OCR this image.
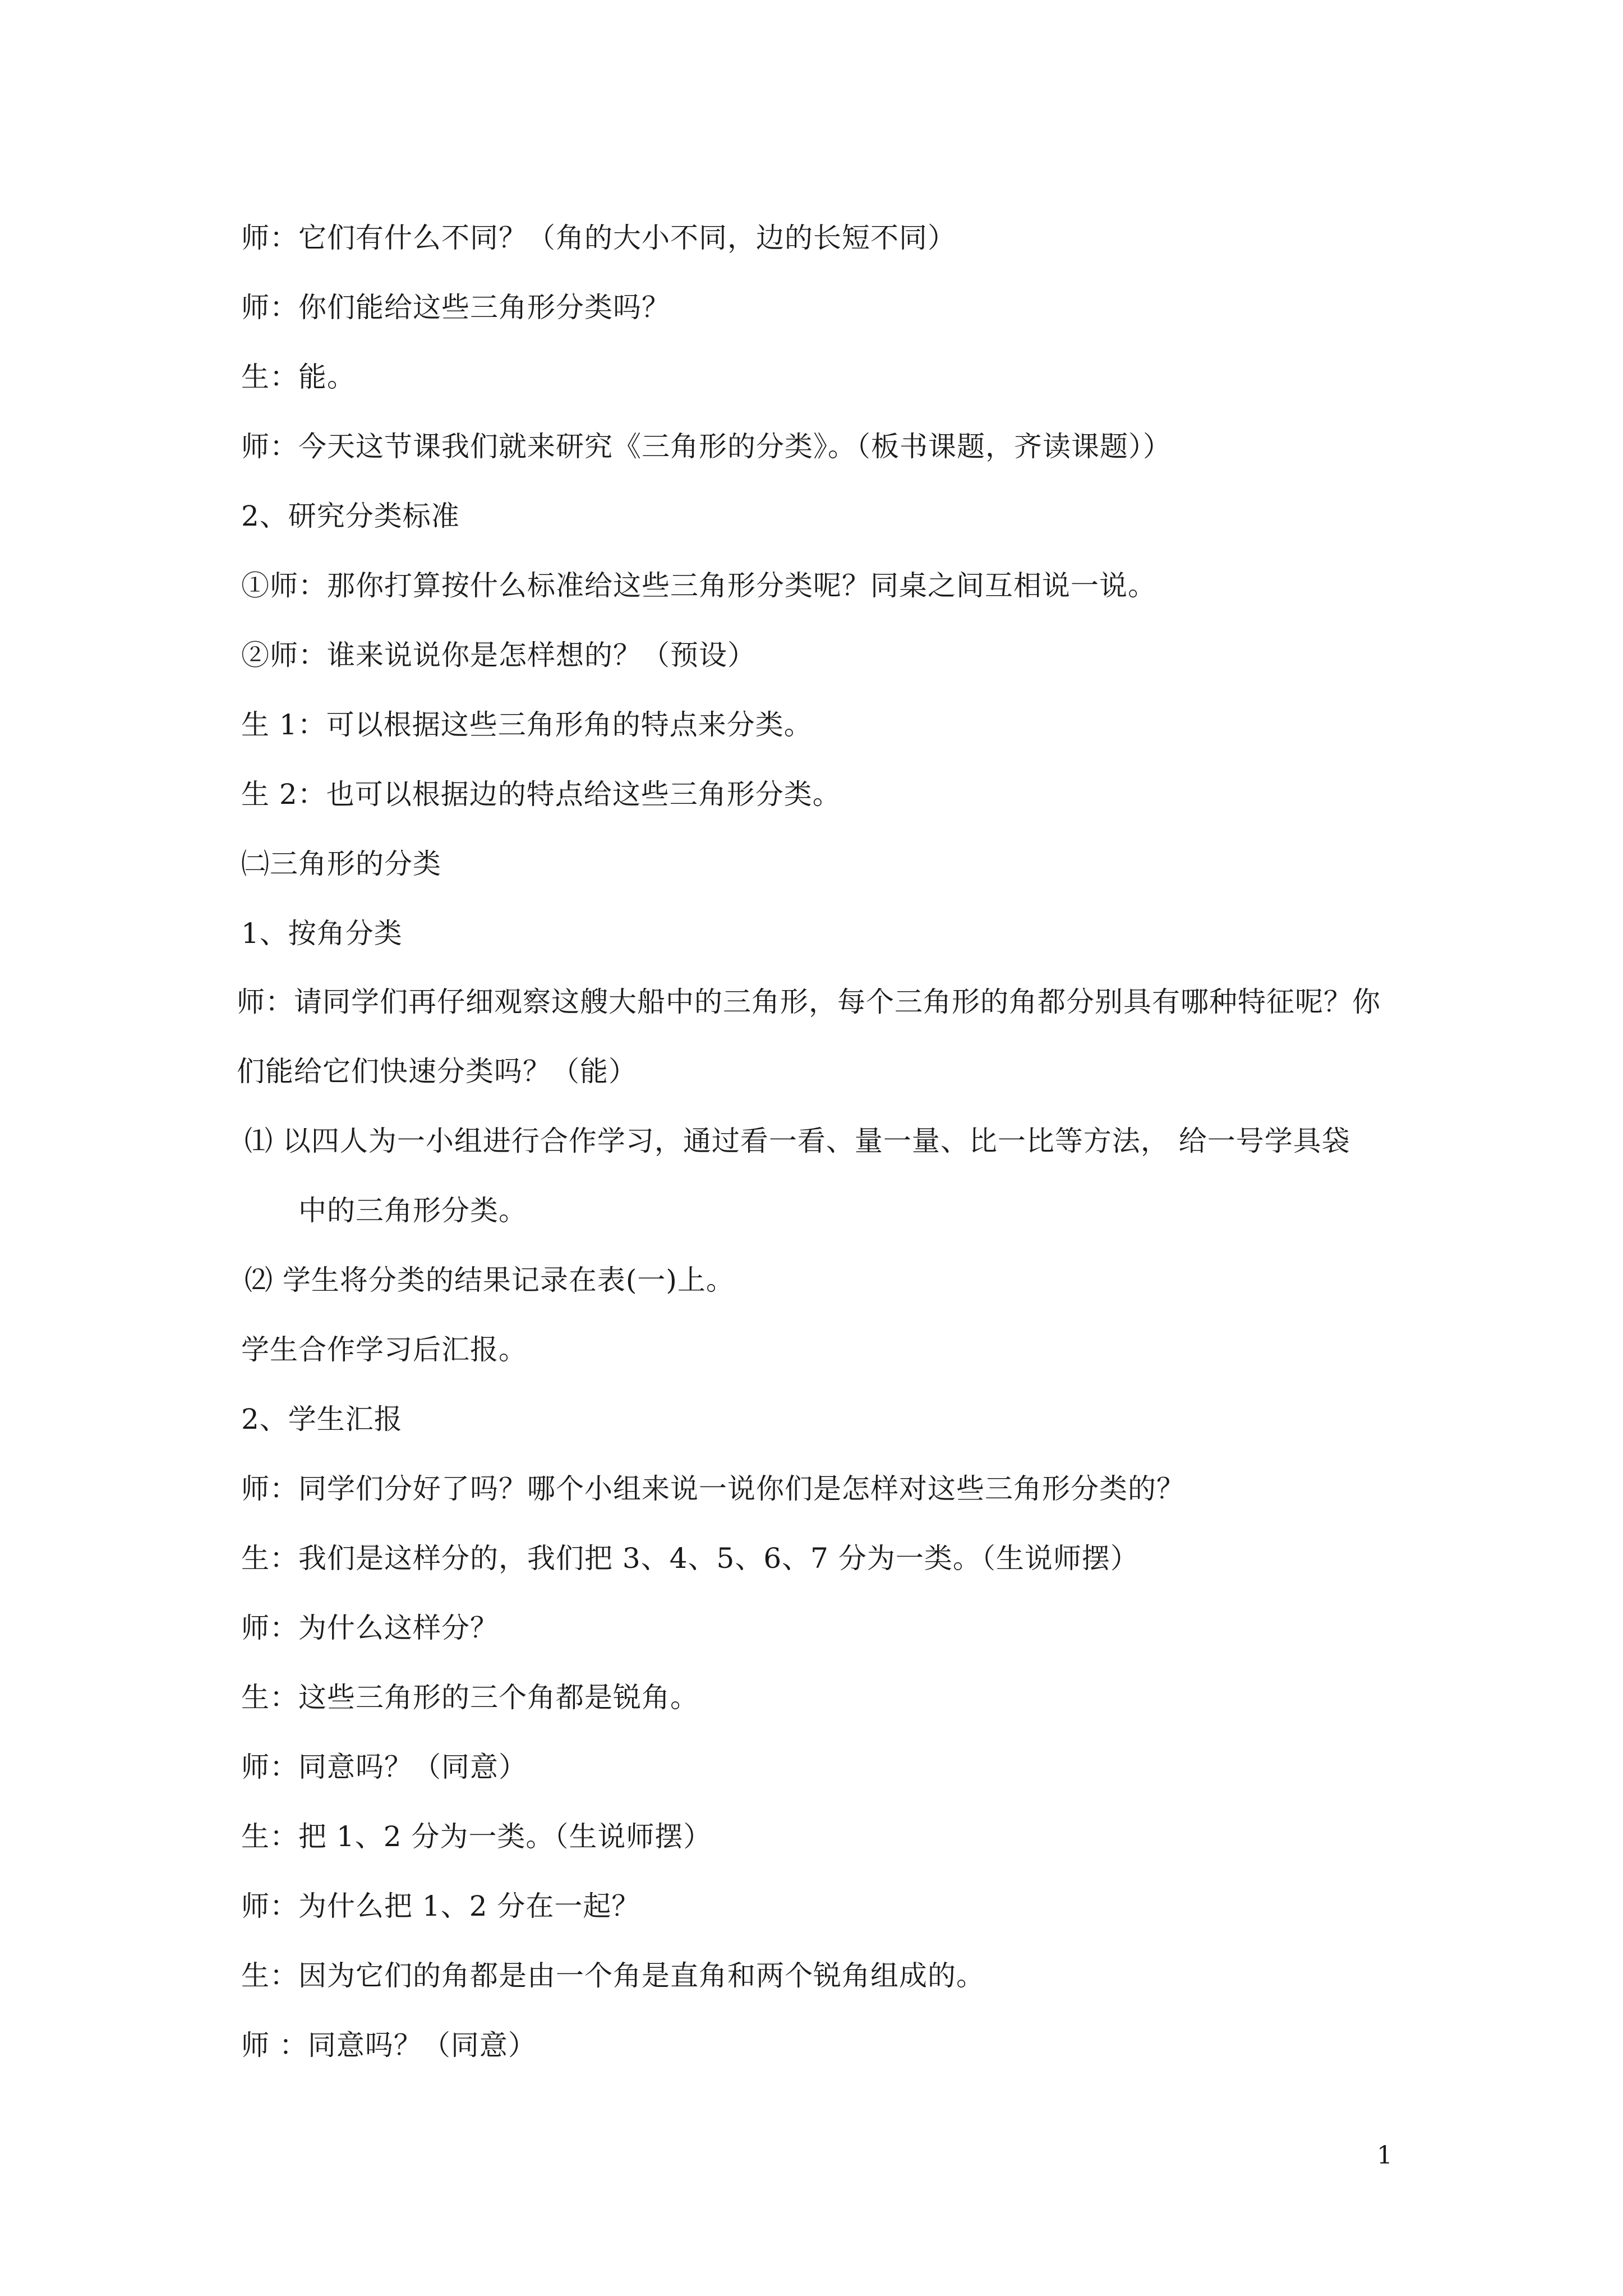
师：它们有什么不同？（角的大小不同，边的长短不同）
师：你们能给这些三角形分类吗？
生：能。
师：今天这节课我们就来研究《三角形的分类》。（板书课题，齐读课题））
2、研究分类标准
①师：那你打算按什么标准给这些三角形分类呢？同桌之间互相说一说。
②师：谁来说说你是怎样想的？（预设）
生 1：可以根据这些三角形角的特点来分类。
生 2：也可以根据边的特点给这些三角形分类。
㈡三角形的分类
1、按角分类
师：请同学们再仔细观察这艘大船中的三角形，每个三角形的角都分别具有哪种特征呢？你
们能给它们快速分类吗？（能）
⑴ 以四人为一小组进行合作学习，通过看一看、量一量、比一比等方法， 给一号学具袋
中的三角形分类。
⑵ 学生将分类的结果记录在表(一)上。
学生合作学习后汇报。
2、学生汇报
师：同学们分好了吗？哪个小组来说一说你们是怎样对这些三角形分类的？
生：我们是这样分的，我们把 3、4、5、6、7 分为一类。（生说师摆）
师：为什么这样分？
生：这些三角形的三个角都是锐角。
师：同意吗？（同意）
生：把 1、2 分为一类。（生说师摆）
师：为什么把 1、2 分在一起？
生：因为它们的角都是由一个角是直角和两个锐角组成的。
师 ：同意吗？（同意）
1
